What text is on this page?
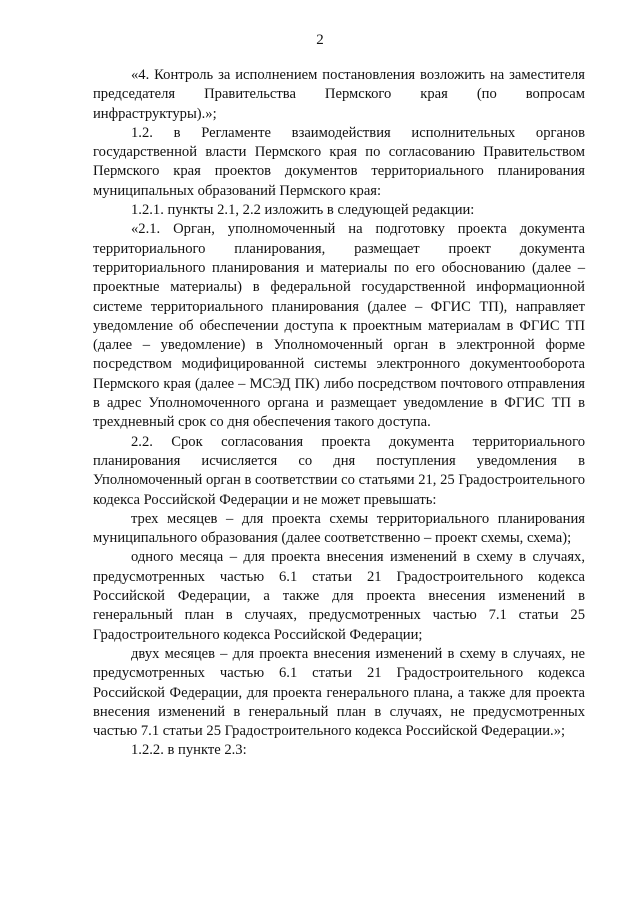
2

«4. Контроль за исполнением постановления возложить на заместителя председателя Правительства Пермского края (по вопросам инфраструктуры).»;

1.2. в Регламенте взаимодействия исполнительных органов государственной власти Пермского края по согласованию Правительством Пермского края проектов документов территориального планирования муниципальных образований Пермского края:

1.2.1. пункты 2.1, 2.2 изложить в следующей редакции:

«2.1. Орган, уполномоченный на подготовку проекта документа территориального планирования, размещает проект документа территориального планирования и материалы по его обоснованию (далее – проектные материалы) в федеральной государственной информационной системе территориального планирования (далее – ФГИС ТП), направляет уведомление об обеспечении доступа к проектным материалам в ФГИС ТП (далее – уведомление) в Уполномоченный орган в электронной форме посредством модифицированной системы электронного документооборота Пермского края (далее – МСЭД ПК) либо посредством почтового отправления в адрес Уполномоченного органа и размещает уведомление в ФГИС ТП в трехдневный срок со дня обеспечения такого доступа.

2.2. Срок согласования проекта документа территориального планирования исчисляется со дня поступления уведомления в Уполномоченный орган в соответствии со статьями 21, 25 Градостроительного кодекса Российской Федерации и не может превышать:

трех месяцев – для проекта схемы территориального планирования муниципального образования (далее соответственно – проект схемы, схема);

одного месяца – для проекта внесения изменений в схему в случаях, предусмотренных частью 6.1 статьи 21 Градостроительного кодекса Российской Федерации, а также для проекта внесения изменений в генеральный план в случаях, предусмотренных частью 7.1 статьи 25 Градостроительного кодекса Российской Федерации;

двух месяцев – для проекта внесения изменений в схему в случаях, не предусмотренных частью 6.1 статьи 21 Градостроительного кодекса Российской Федерации, для проекта генерального плана, а также для проекта внесения изменений в генеральный план в случаях, не предусмотренных частью 7.1 статьи 25 Градостроительного кодекса Российской Федерации.»;

1.2.2. в пункте 2.3:
